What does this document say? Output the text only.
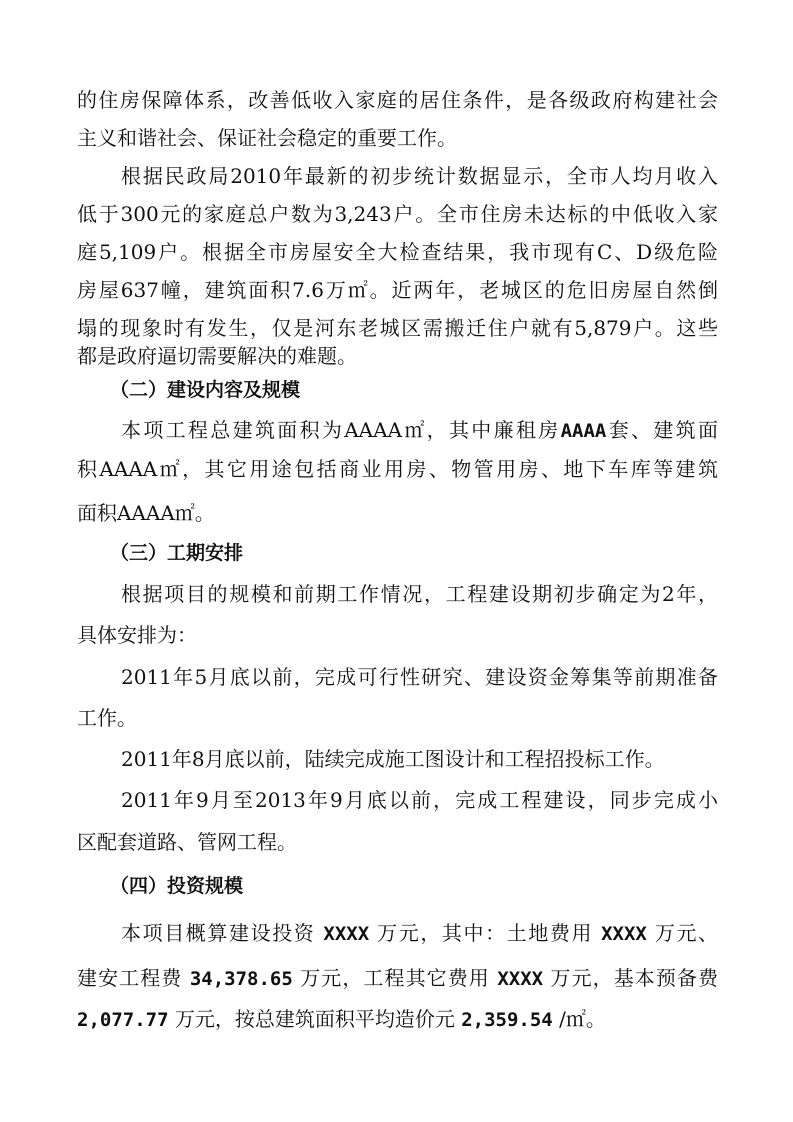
的住房保障体系，改善低收入家庭的居住条件，是各级政府构建社会
主义和谐社会、保证社会稳定的重要工作。
根据民政局2010年最新的初步统计数据显示，全市人均月收入
低于300元的家庭总户数为3,243户。全市住房未达标的中低收入家
庭5,109户。根据全市房屋安全大检查结果，我市现有C、D级危险
房屋637幢，建筑面积7.6万㎡。近两年，老城区的危旧房屋自然倒
塌的现象时有发生，仅是河东老城区需搬迁住户就有5,879户。这些
都是政府逼切需要解决的难题。
（二）建设内容及规模
本项工程总建筑面积为AAAA㎡，其中廉租房AAAA套、建筑面
积AAAA㎡，其它用途包括商业用房、物管用房、地下车库等建筑
面积AAAA㎡。
（三）工期安排
根据项目的规模和前期工作情况，工程建设期初步确定为2年，
具体安排为：
2011年5月底以前，完成可行性研究、建设资金筹集等前期准备
工作。
2011年8月底以前，陆续完成施工图设计和工程招投标工作。
2011年9月至2013年9月底以前，完成工程建设，同步完成小
区配套道路、管网工程。
（四）投资规模
本项目概算建设投资 XXXX 万元，其中：土地费用 XXXX 万元、
建安工程费 34,378.65 万元，工程其它费用 XXXX 万元，基本预备费
2,077.77 万元，按总建筑面积平均造价元 2,359.54 /㎡。
